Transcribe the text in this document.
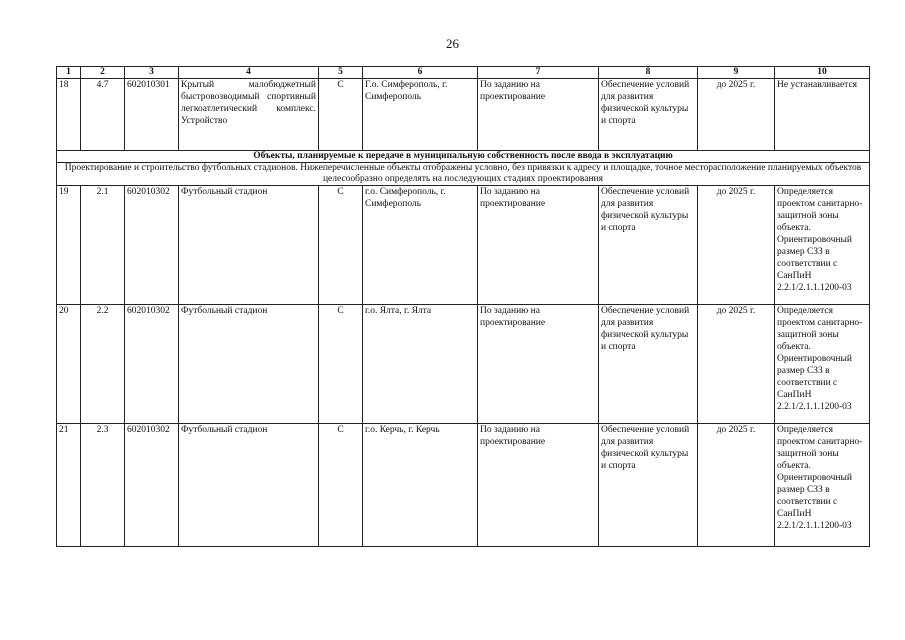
26
1	2	3	4	5	6	7	8	9	10
18	4.7	602010301	Крытый малобюджетный быстровозводимый спортивный легкоатлетический комплекс. Устройство	С	Г.о. Симферополь, г. Симферополь	По заданию на проектирование	Обеспечение условий для развития физической культуры и спорта	до 2025 г.	Не устанавливается
Объекты, планируемые к передаче в муниципальную собственность после ввода в эксплуатацию									
Проектирование и строительство футбольных стадионов. Нижеперечисленные объекты отображены условно, без привязки к адресу и площадке, точное месторасположение планируемых объектов целесообразно определять на последующих стадиях проектирования									
19	2.1	602010302	Футбольный стадион	С	г.о. Симферополь, г. Симферополь	По заданию на проектирование	Обеспечение условий для развития физической культуры и спорта	до 2025 г.	Определяется проектом санитарно-защитной зоны объекта. Ориентировочный размер СЗЗ в соответствии с СанПиН 2.2.1/2.1.1.1200-03
20	2.2	602010302	Футбольный стадион	С	г.о. Ялта, г. Ялта	По заданию на проектирование	Обеспечение условий для развития физической культуры и спорта	до 2025 г.	Определяется проектом санитарно-защитной зоны объекта. Ориентировочный размер СЗЗ в соответствии с СанПиН 2.2.1/2.1.1.1200-03
21	2.3	602010302	Футбольный стадион	С	г.о. Керчь, г. Керчь	По заданию на проектирование	Обеспечение условий для развития физической культуры и спорта	до 2025 г.	Определяется проектом санитарно-защитной зоны объекта. Ориентировочный размер СЗЗ в соответствии с СанПиН 2.2.1/2.1.1.1200-03
